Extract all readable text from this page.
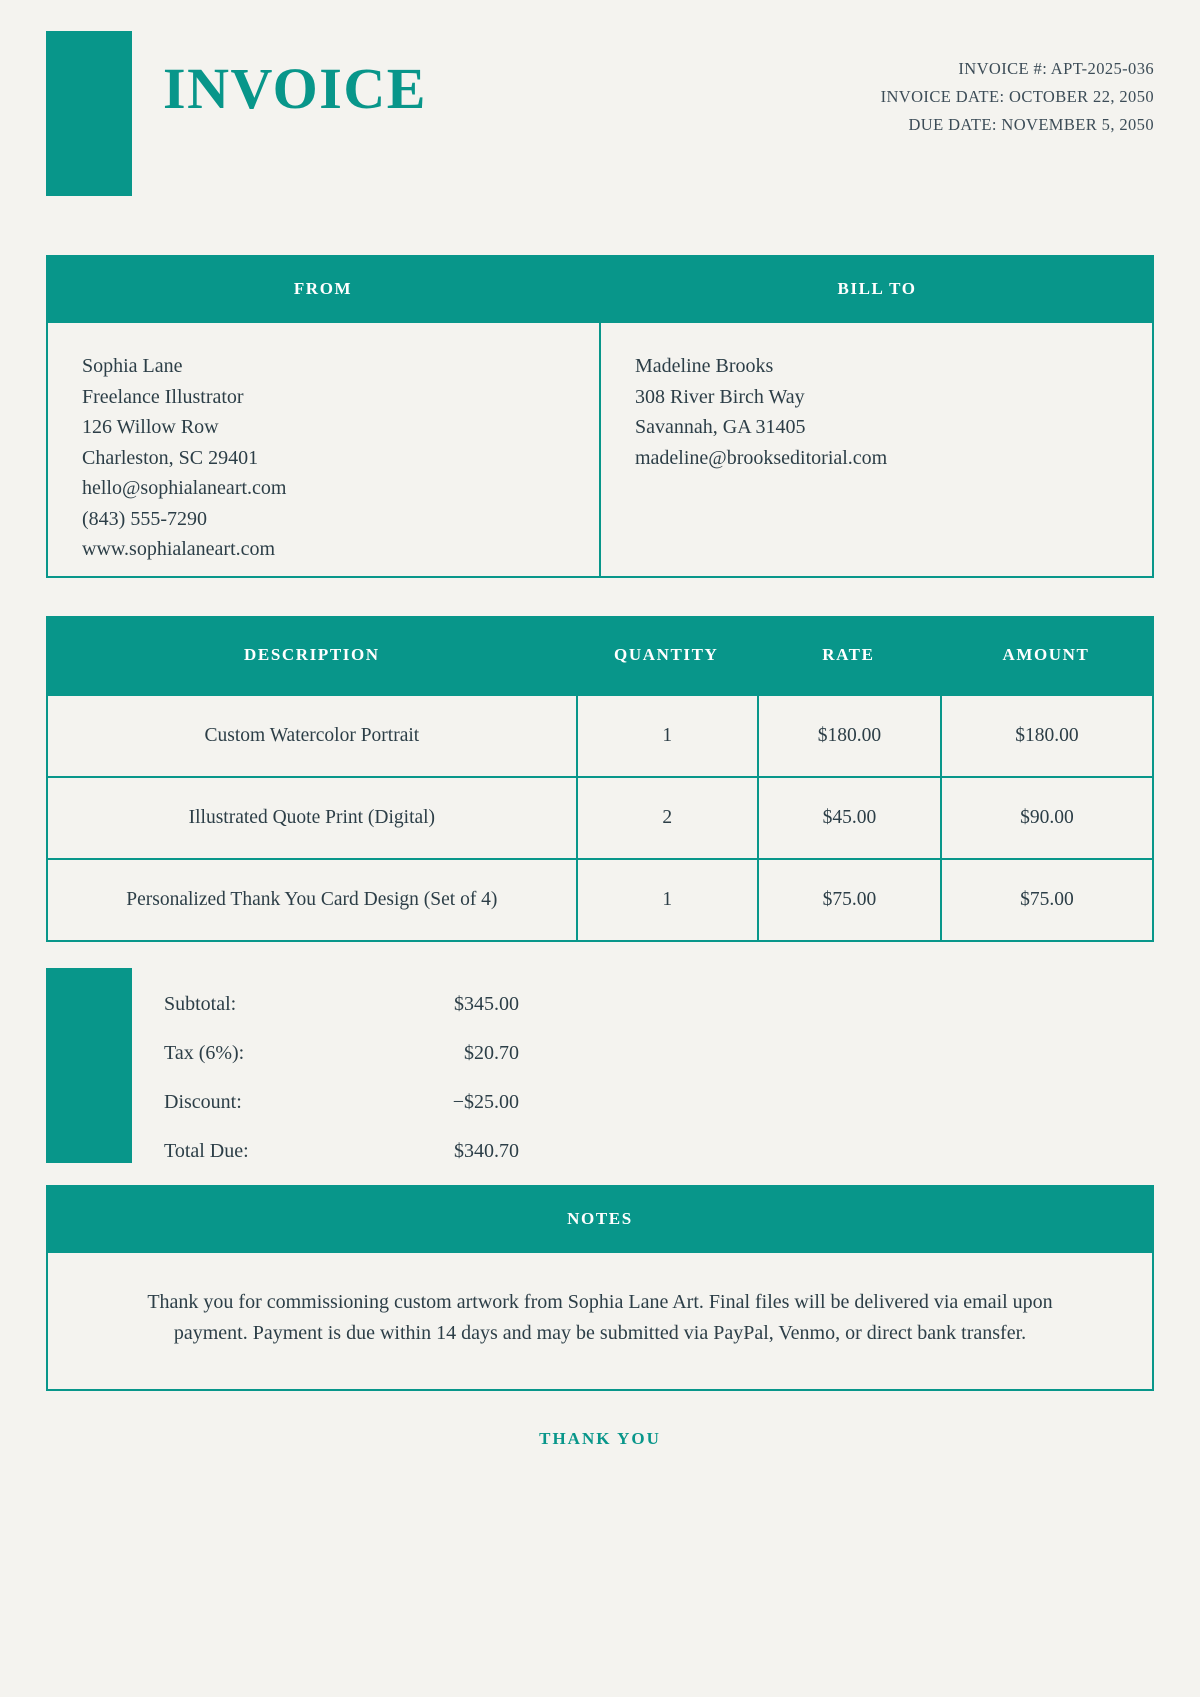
INVOICE	INVOICE #: APT-2025-036
INVOICE DATE: OCTOBER 22, 2050
DUE DATE: NOVEMBER 5, 2050
FROM
Sophia Lane
Freelance Illustrator
126 Willow Row
Charleston, SC 29401
hello@sophialaneart.com
(843) 555-7290
www.sophialaneart.com
BILL TO
Madeline Brooks
308 River Birch Way
Savannah, GA 31405
madeline@brookseditorial.com
DESCRIPTION	QUANTITY	RATE	AMOUNT
Custom Watercolor Portrait	1	$180.00	$180.00
Illustrated Quote Print (Digital)	2	$45.00	$90.00
Personalized Thank You Card Design (Set of 4)	1	$75.00	$75.00
Subtotal:	$345.00
Tax (6%):	$20.70
Discount:	−$25.00
Total Due:	$340.70
NOTES
Thank you for commissioning custom artwork from Sophia Lane Art. Final files will be delivered via email upon payment. Payment is due within 14 days and may be submitted via PayPal, Venmo, or direct bank transfer.
THANK YOU
